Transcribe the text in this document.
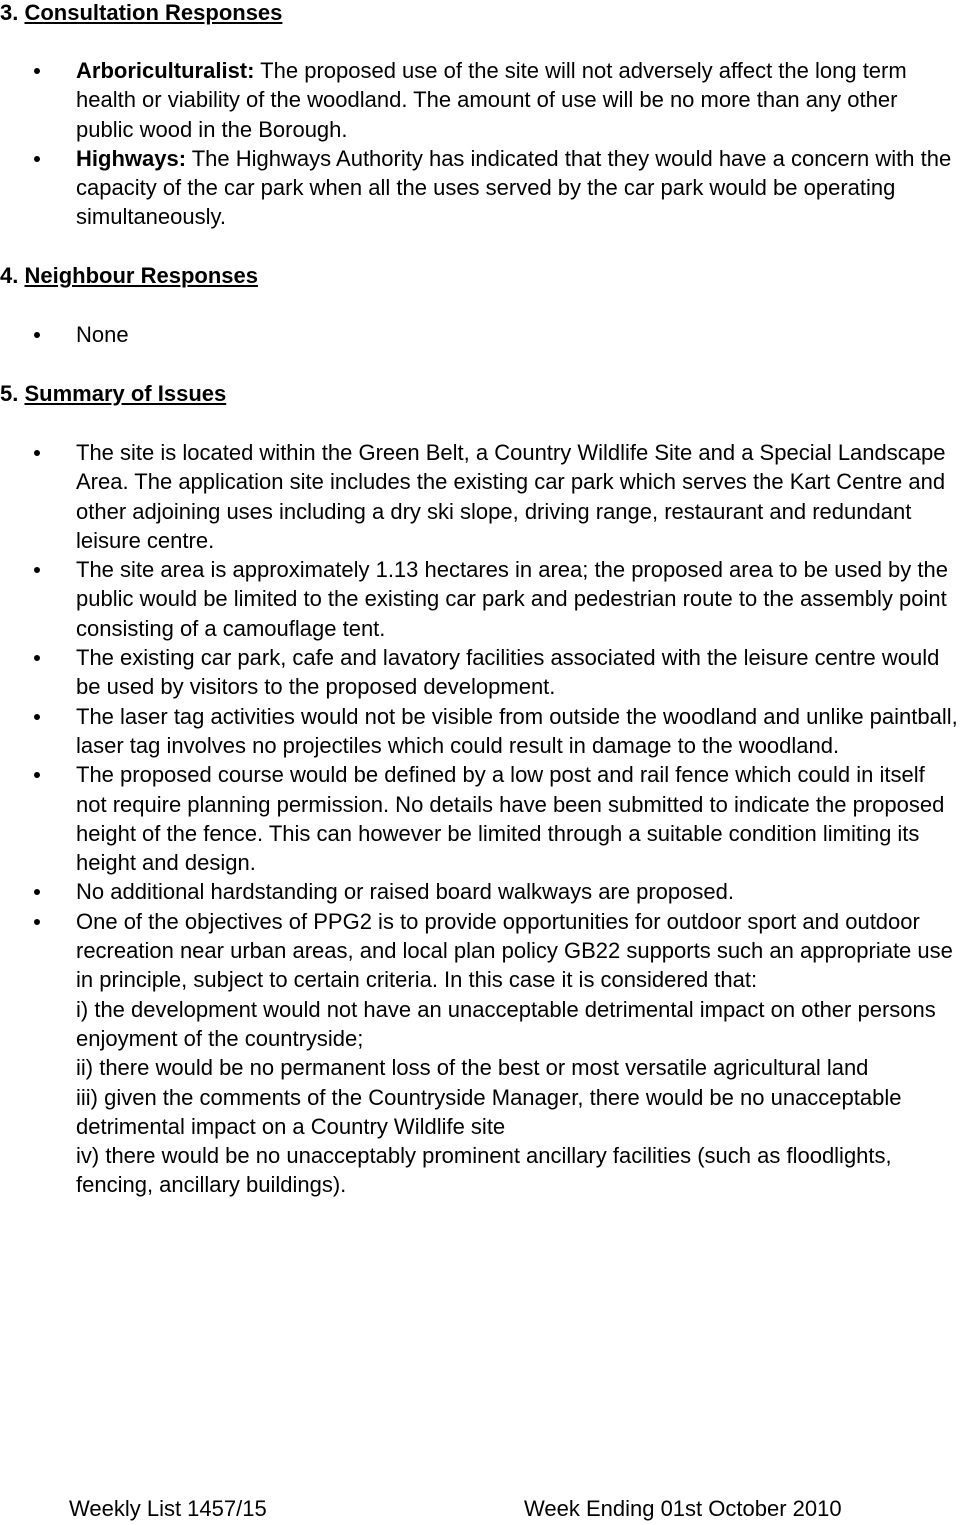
3. Consultation Responses
Arboriculturalist: The proposed use of the site will not adversely affect the long term health or viability of the woodland. The amount of use will be no more than any other public wood in the Borough.
Highways: The Highways Authority has indicated that they would have a concern with the capacity of the car park when all the uses served by the car park would be operating simultaneously.
4. Neighbour Responses
None
5. Summary of Issues
The site is located within the Green Belt, a Country Wildlife Site and a Special Landscape Area. The application site includes the existing car park which serves the Kart Centre and other adjoining uses including a dry ski slope, driving range, restaurant and redundant leisure centre.
The site area is approximately 1.13 hectares in area; the proposed area to be used by the public would be limited to the existing car park and pedestrian route to the assembly point consisting of a camouflage tent.
The existing car park, cafe and lavatory facilities associated with the leisure centre would be used by visitors to the proposed development.
The laser tag activities would not be visible from outside the woodland and unlike paintball, laser tag involves no projectiles which could result in damage to the woodland.
The proposed course would be defined by a low post and rail fence which could in itself not require planning permission. No details have been submitted to indicate the proposed height of the fence. This can however be limited through a suitable condition limiting its height and design.
No additional hardstanding or raised board walkways are proposed.
One of the objectives of PPG2 is to provide opportunities for outdoor sport and outdoor recreation near urban areas, and local plan policy GB22 supports such an appropriate use in principle, subject to certain criteria. In this case it is considered that:
i) the development would not have an unacceptable detrimental impact on other persons enjoyment of the countryside;
ii) there would be no permanent loss of the best or most versatile agricultural land
iii) given the comments of the Countryside Manager, there would be no unacceptable detrimental impact on a Country Wildlife site
iv) there would be no unacceptably prominent ancillary facilities (such as floodlights, fencing, ancillary buildings).
Weekly List 1457/15	Week Ending 01st October 2010
